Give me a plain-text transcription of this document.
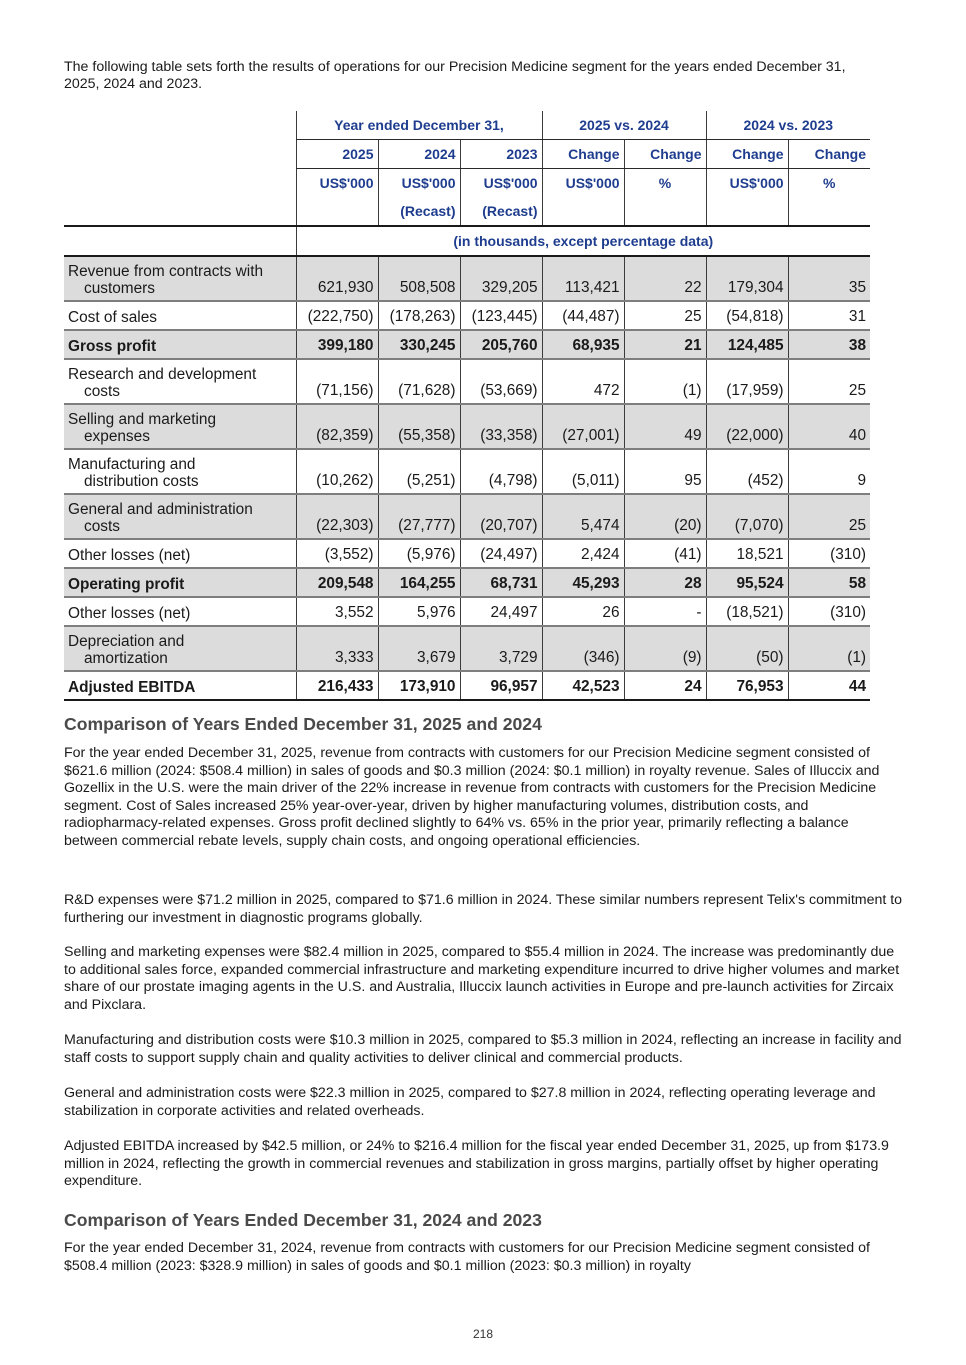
The following table sets forth the results of operations for our Precision Medicine segment for the years ended December 31, 2025, 2024 and 2023.
	Year ended December 31,			2025 vs. 2024		2024 vs. 2023	
	2025	2024	2023	Change	Change	Change	Change
	US$'000	US$'000	US$'000	US$'000	%	US$'000	%
		(Recast)	(Recast)				
	(in thousands, except percentage data)						
Revenue from contracts with
customers	621,930	508,508	329,205	113,421	22	179,304	35
Cost of sales	(222,750)	(178,263)	(123,445)	(44,487)	25	(54,818)	31
Gross profit	399,180	330,245	205,760	68,935	21	124,485	38
Research and development
costs	(71,156)	(71,628)	(53,669)	472	(1)	(17,959)	25
Selling and marketing
expenses	(82,359)	(55,358)	(33,358)	(27,001)	49	(22,000)	40
Manufacturing and
distribution costs	(10,262)	(5,251)	(4,798)	(5,011)	95	(452)	9
General and administration
costs	(22,303)	(27,777)	(20,707)	5,474	(20)	(7,070)	25
Other losses (net)	(3,552)	(5,976)	(24,497)	2,424	(41)	18,521	(310)
Operating profit	209,548	164,255	68,731	45,293	28	95,524	58
Other losses (net)	3,552	5,976	24,497	26	-	(18,521)	(310)
Depreciation and
amortization	3,333	3,679	3,729	(346)	(9)	(50)	(1)
Adjusted EBITDA	216,433	173,910	96,957	42,523	24	76,953	44
Comparison of Years Ended December 31, 2025 and 2024
For the year ended December 31, 2025, revenue from contracts with customers for our Precision Medicine segment consisted of $621.6 million (2024: $508.4 million) in sales of goods and $0.3 million (2024: $0.1 million) in royalty revenue. Sales of Illuccix and Gozellix in the U.S. were the main driver of the 22% increase in revenue from contracts with customers for the Precision Medicine segment. Cost of Sales increased 25% year-over-year, driven by higher manufacturing volumes, distribution costs, and radiopharmacy-related expenses. Gross profit declined slightly to 64% vs. 65% in the prior year, primarily reflecting a balance between commercial rebate levels, supply chain costs, and ongoing operational efficiencies.
R&D expenses were $71.2 million in 2025, compared to $71.6 million in 2024. These similar numbers represent Telix's commitment to furthering our investment in diagnostic programs globally.
Selling and marketing expenses were $82.4 million in 2025, compared to $55.4 million in 2024. The increase was predominantly due to additional sales force, expanded commercial infrastructure and marketing expenditure incurred to drive higher volumes and market share of our prostate imaging agents in the U.S. and Australia, Illuccix launch activities in Europe and pre-launch activities for Zircaix and Pixclara.
Manufacturing and distribution costs were $10.3 million in 2025, compared to $5.3 million in 2024, reflecting an increase in facility and staff costs to support supply chain and quality activities to deliver clinical and commercial products.
General and administration costs were $22.3 million in 2025, compared to $27.8 million in 2024, reflecting operating leverage and stabilization in corporate activities and related overheads.
Adjusted EBITDA increased by $42.5 million, or 24% to $216.4 million for the fiscal year ended December 31, 2025, up from $173.9 million in 2024, reflecting the growth in commercial revenues and stabilization in gross margins, partially offset by higher operating expenditure.
Comparison of Years Ended December 31, 2024 and 2023
For the year ended December 31, 2024, revenue from contracts with customers for our Precision Medicine segment consisted of $508.4 million (2023: $328.9 million) in sales of goods and $0.1 million (2023: $0.3 million) in royalty
218
